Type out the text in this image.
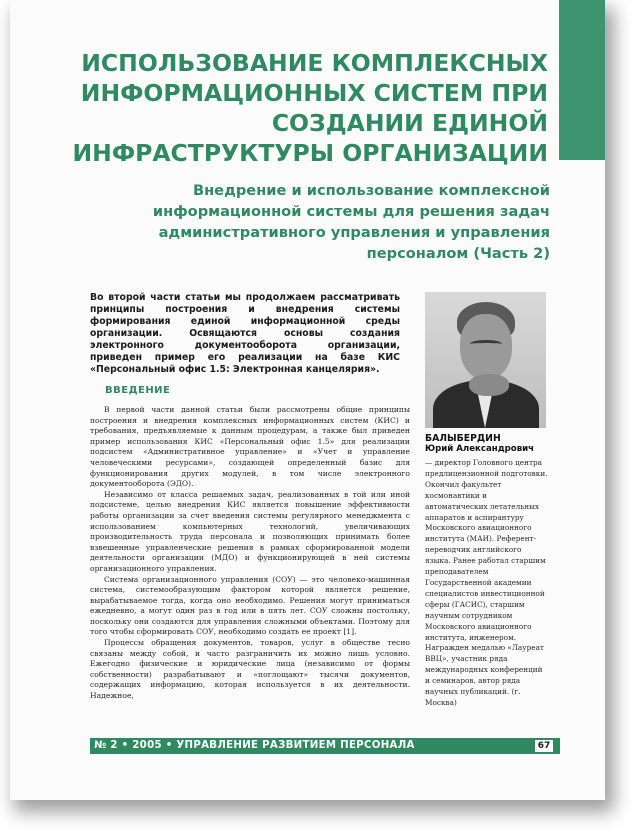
ИСПОЛЬЗОВАНИЕ КОМПЛЕКСНЫХ ИНФОРМАЦИОННЫХ СИСТЕМ ПРИ СОЗДАНИИ ЕДИНОЙ ИНФРАСТРУКТУРЫ ОРГАНИЗАЦИИ
Внедрение и использование комплексной информационной системы для решения задач административного управления и управления персоналом (Часть 2)

Во второй части статьи мы продолжаем рассматривать принципы построения и внедрения системы формирования единой информационной среды организации. Освящаются основы создания электронного документооборота организации, приведен пример его реализации на базе КИС «Персональный офис 1.5: Электронная канцелярия».

БАЛЫБЕРДИН

Юрий Александрович

— директор Головного центра предлицензионной подготовки. Окончил факультет космонавтики и автоматических летательных аппаратов и аспирантуру Московского авиационного института (МАИ). Референт-переводчик английского языка. Ранее работал старшим преподавателем Государственной академии специалистов инвестиционной сферы (ГАСИС), старшим научным сотрудником Московского авиационного института, инженером. Награжден медалью «Лауреат ВВЦ», участник ряда международных конференций и семинаров, автор ряда научных публикаций. (г. Москва)

ВВЕДЕНИЕ

В первой части данной статьи были рассмотрены общие принципы построения и внедрения комплексных информационных систем (КИС) и требования, предъявляемые к данным процедурам, а также был приведен пример использования КИС «Персональный офис 1.5» для реализации подсистем «Административное управление» и «Учет и управление человеческими ресурсами», создающей определенный базис для функционирования других модулей, в том числе электронного документооборота (ЭДО).

Независимо от класса решаемых задач, реализованных в той или иной подсистеме, целью внедрения КИС является повышение эффективности работы организации за счет введения системы регулярного менеджмента с использованием компьютерных технологий, увеличивающих производительность труда персонала и позволяющих принимать более взвешенные управленческие решения в рамках сформированной модели деятельности организации (МДО) и функционирующей в ней системы организационного управления.

Система организационного управления (СОУ) — это человеко-машинная система, системообразующим фактором которой является решение, вырабатываемое тогда, когда оно необходимо. Решения могут приниматься ежедневно, а могут один раз в год или в пять лет. СОУ сложны постольку, поскольку они создаются для управления сложными объектами. Поэтому для того чтобы сформировать СОУ, необходимо создать ее проект [1].

Процессы обращения документов, товаров, услуг в обществе тесно связаны между собой, и часто разграничить их можно лишь условно. Ежегодно физические и юридические лица (независимо от формы собственности) разрабатывают и «поглощают» тысячи документов, содержащих информацию, которая используется в их деятельности. Надежное,

№ 2 • 2005 • УПРАВЛЕНИЕ РАЗВИТИЕМ ПЕРСОНАЛА	67
